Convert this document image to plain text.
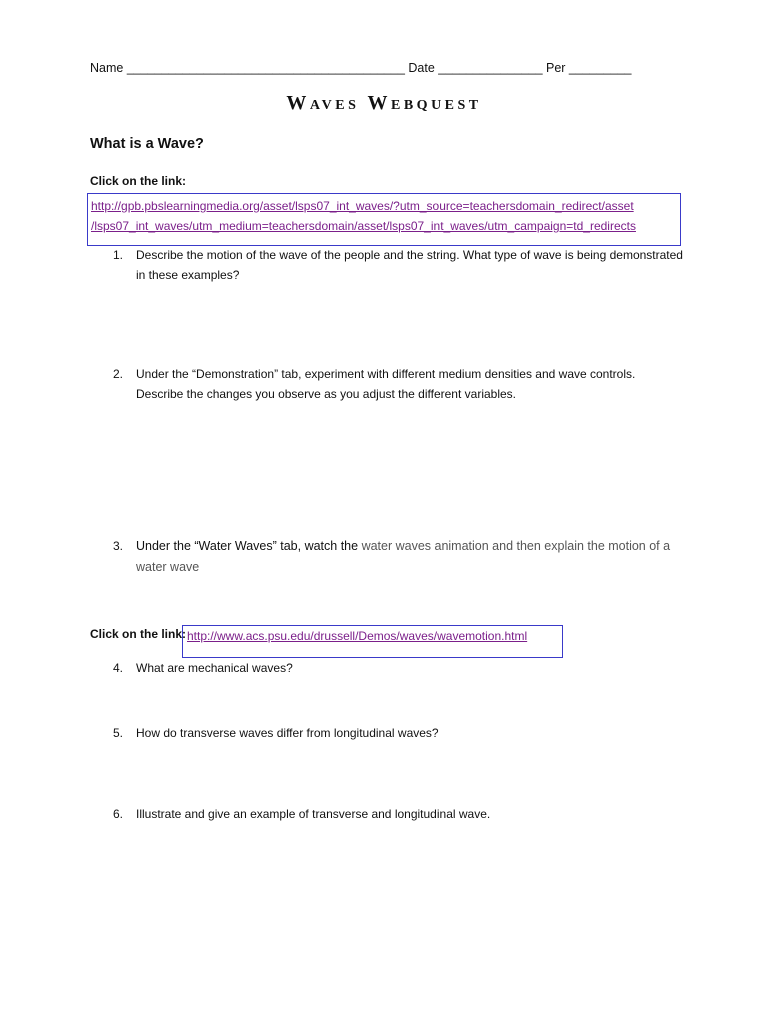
Name ________________________________________ Date _______________ Per _________
Waves Webquest
What is a Wave?
Click on the link:
http://gpb.pbslearningmedia.org/asset/lsps07_int_waves/?utm_source=teachersdomain_redirect/asset
/lsps07_int_waves/utm_medium=teachersdomain/asset/lsps07_int_waves/utm_campaign=td_redirects
1. Describe the motion of the wave of the people and the string. What type of wave is being demonstrated in these examples?
2. Under the “Demonstration” tab, experiment with different medium densities and wave controls. Describe the changes you observe as you adjust the different variables.
3. Under the “Water Waves” tab, watch the water waves animation and then explain the motion of a water wave
Click on the link: http://www.acs.psu.edu/drussell/Demos/waves/wavemotion.html
4. What are mechanical waves?
5. How do transverse waves differ from longitudinal waves?
6. Illustrate and give an example of transverse and longitudinal wave.
